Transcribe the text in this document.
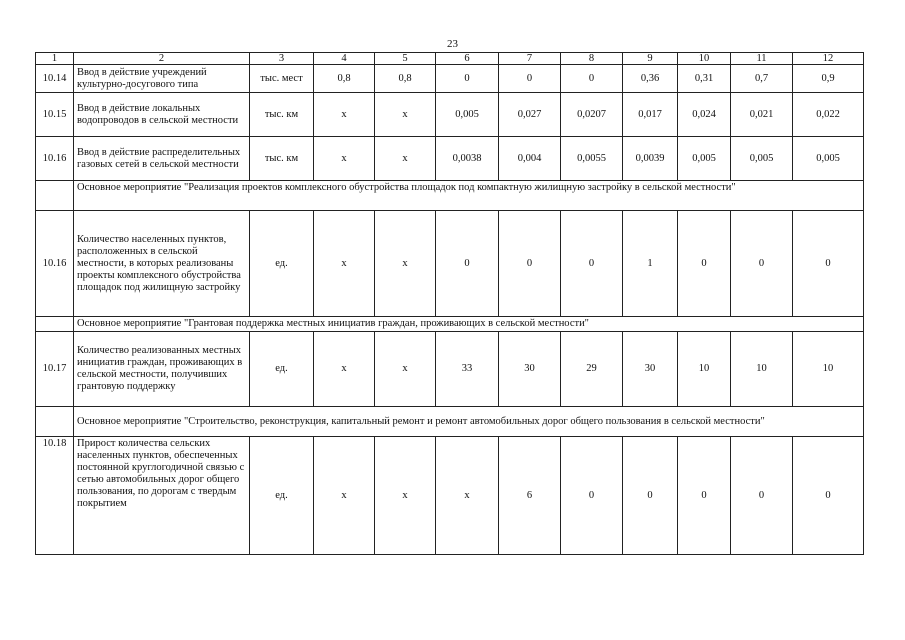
23
1	2	3	4	5	6	7	8	9	10	11	12
10.14	Ввод в действие учреждений культурно-досугового типа	тыс. мест	0,8	0,8	0	0	0	0,36	0,31	0,7	0,9
10.15	Ввод в действие локальных водопроводов в сельской местности	тыс. км	х	х	0,005	0,027	0,0207	0,017	0,024	0,021	0,022
10.16	Ввод в действие распределительных газовых сетей в сельской местности	тыс. км	х	х	0,0038	0,004	0,0055	0,0039	0,005	0,005	0,005
	Основное мероприятие "Реализация проектов комплексного обустройства площадок под компактную жилищную застройку в сельской местности"										
10.16	Количество населенных пунктов, расположенных в сельской местности, в которых реализованы проекты комплексного обустройства площадок под жилищную застройку	ед.	х	х	0	0	0	1	0	0	0
	Основное мероприятие "Грантовая поддержка местных инициатив граждан, проживающих в сельской местности"										
10.17	Количество реализованных местных инициатив граждан, проживающих в сельской местности, получивших грантовую поддержку	ед.	х	х	33	30	29	30	10	10	10
	Основное мероприятие "Строительство, реконструкция, капитальный ремонт и ремонт автомобильных дорог общего пользования в сельской местности"										
10.18	Прирост количества сельских населенных пунктов, обеспеченных постоянной круглогодичной связью с сетью автомобильных дорог общего пользования, по дорогам с твердым покрытием	ед.	х	х	х	6	0	0	0	0	0
